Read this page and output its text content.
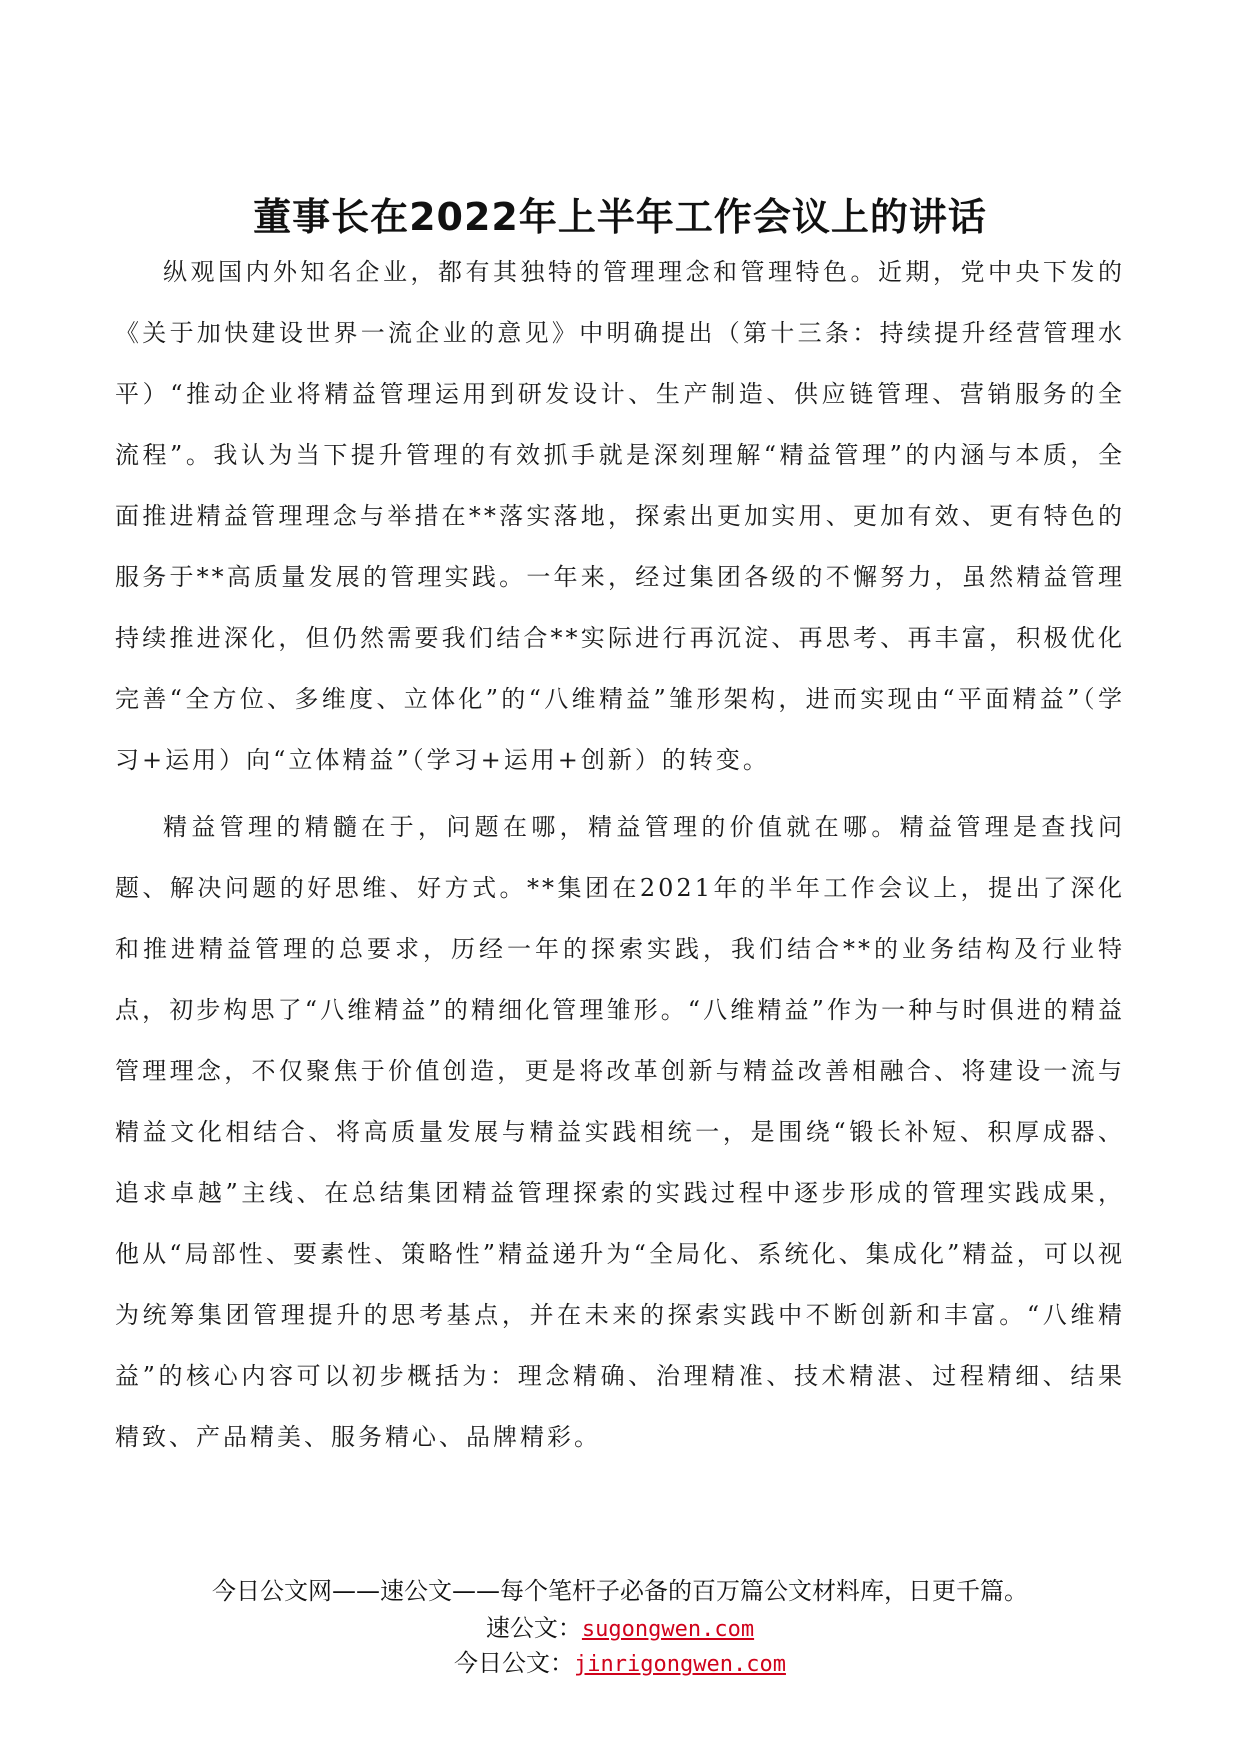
董事长在2022年上半年工作会议上的讲话

纵观国内外知名企业，都有其独特的管理理念和管理特色。近期，党中央下发的《关于加快建设世界一流企业的意见》中明确提出（第十三条：持续提升经营管理水平）“推动企业将精益管理运用到研发设计、生产制造、供应链管理、营销服务的全流程”。我认为当下提升管理的有效抓手就是深刻理解“精益管理”的内涵与本质，全面推进精益管理理念与举措在**落实落地，探索出更加实用、更加有效、更有特色的服务于**高质量发展的管理实践。一年来，经过集团各级的不懈努力，虽然精益管理持续推进深化，但仍然需要我们结合**实际进行再沉淀、再思考、再丰富，积极优化完善“全方位、多维度、立体化”的“八维精益”雏形架构，进而实现由“平面精益”（学习+运用）向“立体精益”（学习+运用+创新）的转变。

精益管理的精髓在于，问题在哪，精益管理的价值就在哪。精益管理是查找问题、解决问题的好思维、好方式。**集团在2021年的半年工作会议上，提出了深化和推进精益管理的总要求，历经一年的探索实践，我们结合**的业务结构及行业特点，初步构思了“八维精益”的精细化管理雏形。“八维精益”作为一种与时俱进的精益管理理念，不仅聚焦于价值创造，更是将改革创新与精益改善相融合、将建设一流与精益文化相结合、将高质量发展与精益实践相统一，是围绕“锻长补短、积厚成器、追求卓越”主线、在总结集团精益管理探索的实践过程中逐步形成的管理实践成果，他从“局部性、要素性、策略性”精益递升为“全局化、系统化、集成化”精益，可以视为统筹集团管理提升的思考基点，并在未来的探索实践中不断创新和丰富。“八维精益”的核心内容可以初步概括为：理念精确、治理精准、技术精湛、过程精细、结果精致、产品精美、服务精心、品牌精彩。

今日公文网——速公文——每个笔杆子必备的百万篇公文材料库，日更千篇。
速公文：sugongwen.com
今日公文：jinrigongwen.com
